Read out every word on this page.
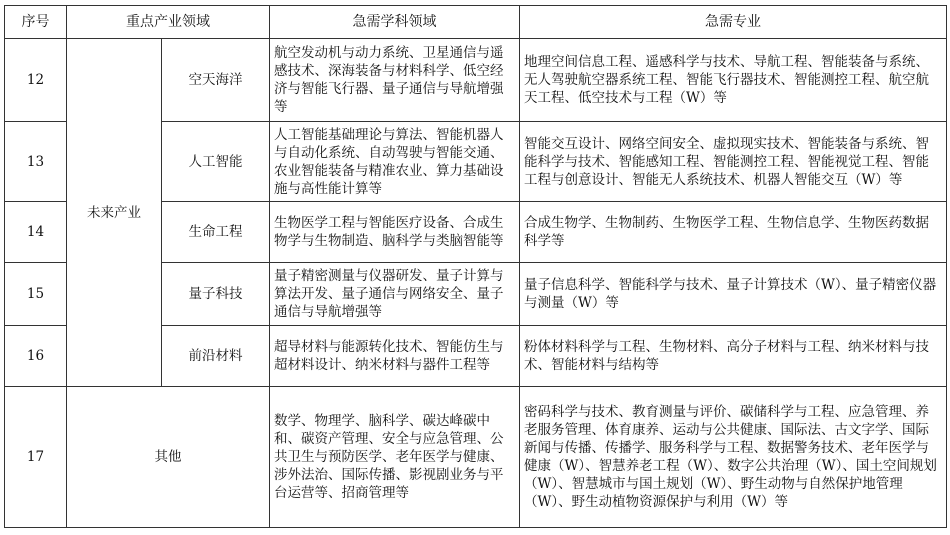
序号	重点产业领域		急需学科领域	急需专业
12	未来产业	空天海洋	航空发动机与动力系统、卫星通信与遥感技术、深海装备与材料科学、低空经济与智能飞行器、量子通信与导航增强等	地理空间信息工程、遥感科学与技术、导航工程、智能装备与系统、无人驾驶航空器系统工程、智能飞行器技术、智能测控工程、航空航天工程、低空技术与工程（W）等
13		人工智能	人工智能基础理论与算法、智能机器人与自动化系统、自动驾驶与智能交通、农业智能装备与精准农业、算力基础设施与高性能计算等	智能交互设计、网络空间安全、虚拟现实技术、智能装备与系统、智能科学与技术、智能感知工程、智能测控工程、智能视觉工程、智能工程与创意设计、智能无人系统技术、机器人智能交互（W）等
14		生命工程	生物医学工程与智能医疗设备、合成生物学与生物制造、脑科学与类脑智能等	合成生物学、生物制药、生物医学工程、生物信息学、生物医药数据科学等
15		量子科技	量子精密测量与仪器研发、量子计算与算法开发、量子通信与网络安全、量子通信与导航增强等	量子信息科学、智能科学与技术、量子计算技术（W）、量子精密仪器与测量（W）等
16		前沿材料	超导材料与能源转化技术、智能仿生与超材料设计、纳米材料与器件工程等	粉体材料科学与工程、生物材料、高分子材料与工程、纳米材料与技术、智能材料与结构等
17	其他		数学、物理学、脑科学、碳达峰碳中和、碳资产管理、安全与应急管理、公共卫生与预防医学、老年医学与健康、涉外法治、国际传播、影视剧业务与平台运营等、招商管理等	密码科学与技术、教育测量与评价、碳储科学与工程、应急管理、养老服务管理、体育康养、运动与公共健康、国际法、古文字学、国际新闻与传播、传播学、服务科学与工程、数据警务技术、老年医学与健康（W）、智慧养老工程（W）、数字公共治理（W）、国土空间规划（W）、智慧城市与国土规划（W）、野生动物与自然保护地管理（W）、野生动植物资源保护与利用（W）等
